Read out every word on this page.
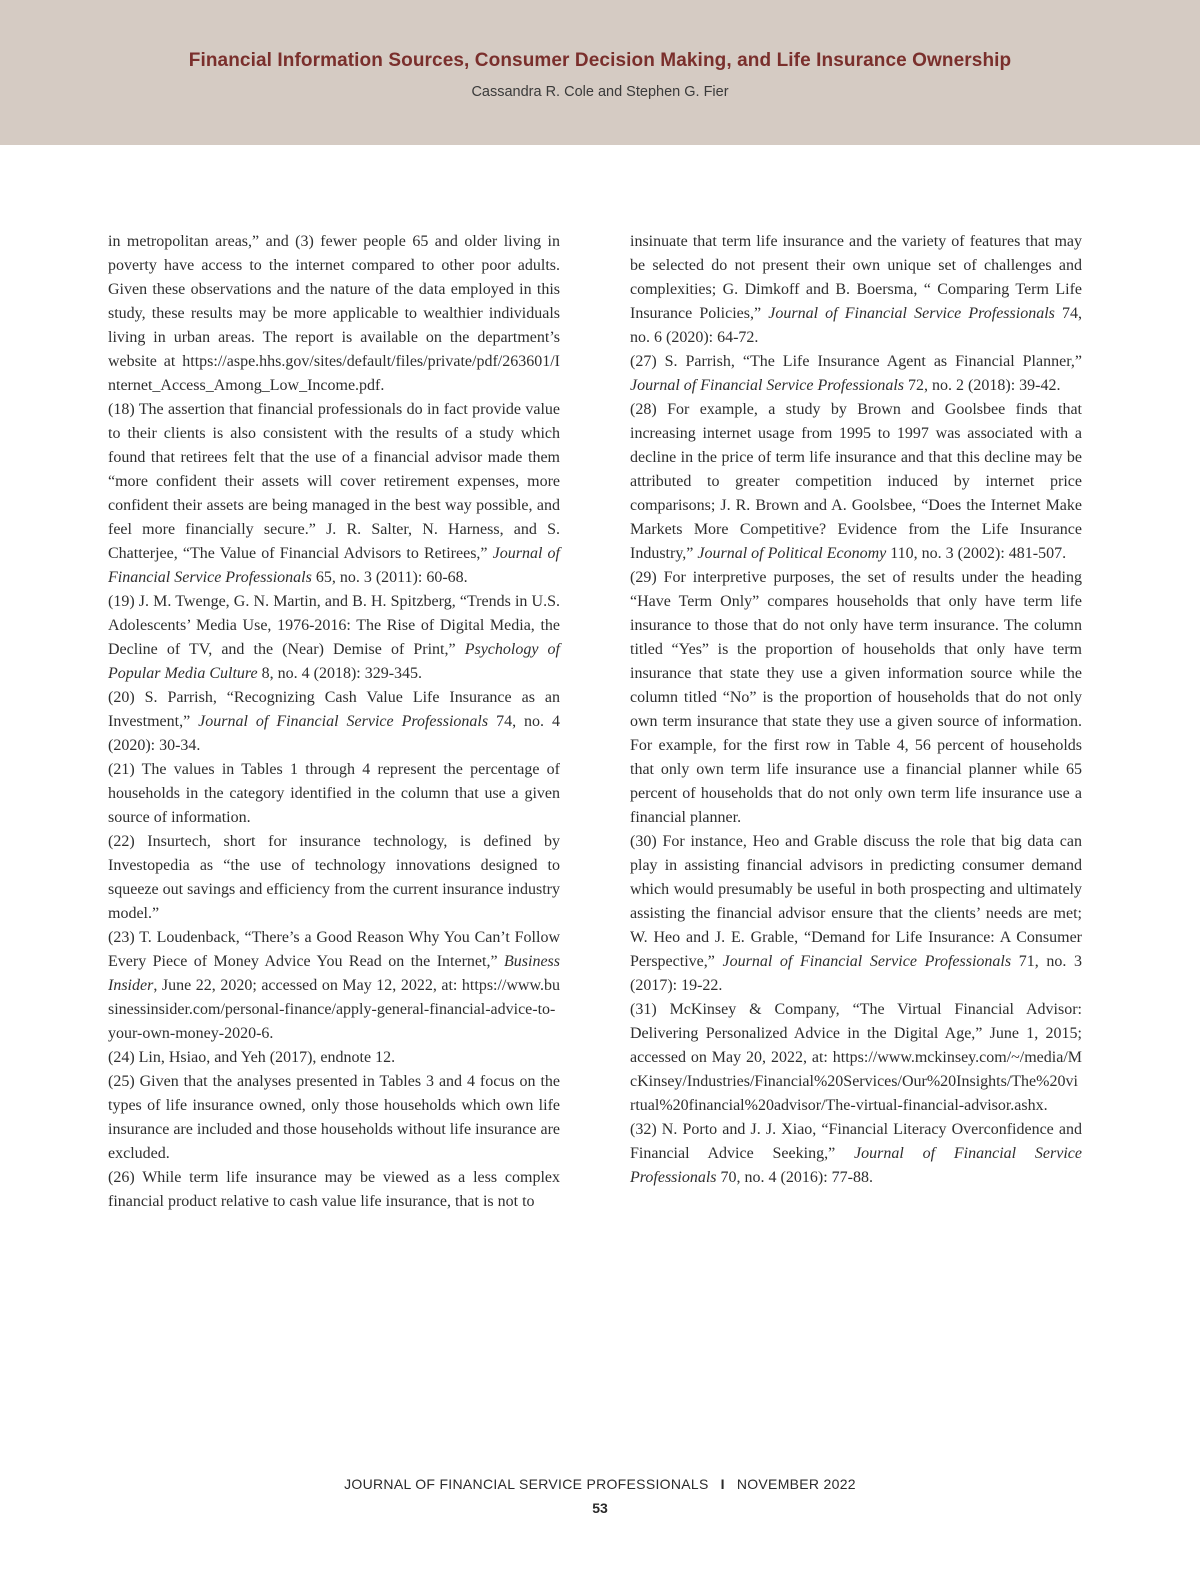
Financial Information Sources, Consumer Decision Making, and Life Insurance Ownership
Cassandra R. Cole and Stephen G. Fier

in metropolitan areas,” and (3) fewer people 65 and older living in poverty have access to the internet compared to other poor adults. Given these observations and the nature of the data employed in this study, these results may be more applicable to wealthier individuals living in urban areas. The report is available on the department’s website at https://aspe.hhs.gov/sites/default/files/private/pdf/263601/Internet_Access_Among_Low_Income.pdf.

(18) The assertion that financial professionals do in fact provide value to their clients is also consistent with the results of a study which found that retirees felt that the use of a financial advisor made them “more confident their assets will cover retirement expenses, more confident their assets are being managed in the best way possible, and feel more financially secure.” J. R. Salter, N. Harness, and S. Chatterjee, “The Value of Financial Advisors to Retirees,” Journal of Financial Service Professionals 65, no. 3 (2011): 60-68.

(19) J. M. Twenge, G. N. Martin, and B. H. Spitzberg, “Trends in U.S. Adolescents’ Media Use, 1976-2016: The Rise of Digital Media, the Decline of TV, and the (Near) Demise of Print,” Psychology of Popular Media Culture 8, no. 4 (2018): 329-345.

(20) S. Parrish, “Recognizing Cash Value Life Insurance as an Investment,” Journal of Financial Service Professionals 74, no. 4 (2020): 30-34.

(21) The values in Tables 1 through 4 represent the percentage of households in the category identified in the column that use a given source of information.

(22) Insurtech, short for insurance technology, is defined by Investopedia as “the use of technology innovations designed to squeeze out savings and efficiency from the current insurance industry model.”

(23) T. Loudenback, “There’s a Good Reason Why You Can’t Follow Every Piece of Money Advice You Read on the Internet,” Business Insider, June 22, 2020; accessed on May 12, 2022, at: https://www.businessinsider.com/personal-finance/apply-general-financial-advice-to-your-own-money-2020-6.

(24) Lin, Hsiao, and Yeh (2017), endnote 12.

(25) Given that the analyses presented in Tables 3 and 4 focus on the types of life insurance owned, only those households which own life insurance are included and those households without life insurance are excluded.

(26) While term life insurance may be viewed as a less complex financial product relative to cash value life insurance, that is not to

insinuate that term life insurance and the variety of features that may be selected do not present their own unique set of challenges and complexities; G. Dimkoff and B. Boersma, “ Comparing Term Life Insurance Policies,” Journal of Financial Service Professionals 74, no. 6 (2020): 64-72.

(27) S. Parrish, “The Life Insurance Agent as Financial Planner,” Journal of Financial Service Professionals 72, no. 2 (2018): 39-42.

(28) For example, a study by Brown and Goolsbee finds that increasing internet usage from 1995 to 1997 was associated with a decline in the price of term life insurance and that this decline may be attributed to greater competition induced by internet price comparisons; J. R. Brown and A. Goolsbee, “Does the Internet Make Markets More Competitive? Evidence from the Life Insurance Industry,” Journal of Political Economy 110, no. 3 (2002): 481-507.

(29) For interpretive purposes, the set of results under the heading “Have Term Only” compares households that only have term life insurance to those that do not only have term insurance. The column titled “Yes” is the proportion of households that only have term insurance that state they use a given information source while the column titled “No” is the proportion of households that do not only own term insurance that state they use a given source of information. For example, for the first row in Table 4, 56 percent of households that only own term life insurance use a financial planner while 65 percent of households that do not only own term life insurance use a financial planner.

(30) For instance, Heo and Grable discuss the role that big data can play in assisting financial advisors in predicting consumer demand which would presumably be useful in both prospecting and ultimately assisting the financial advisor ensure that the clients’ needs are met; W. Heo and J. E. Grable, “Demand for Life Insurance: A Consumer Perspective,” Journal of Financial Service Professionals 71, no. 3 (2017): 19-22.

(31) McKinsey & Company, “The Virtual Financial Advisor: Delivering Personalized Advice in the Digital Age,” June 1, 2015; accessed on May 20, 2022, at: https://www.mckinsey.com/~/media/McKinsey/Industries/Financial%20Services/Our%20Insights/The%20virtual%20financial%20advisor/The-virtual-financial-advisor.ashx.

(32) N. Porto and J. J. Xiao, “Financial Literacy Overconfidence and Financial Advice Seeking,” Journal of Financial Service Professionals 70, no. 4 (2016): 77-88.

JOURNAL OF FINANCIAL SERVICE PROFESSIONALS I NOVEMBER 2022
53
